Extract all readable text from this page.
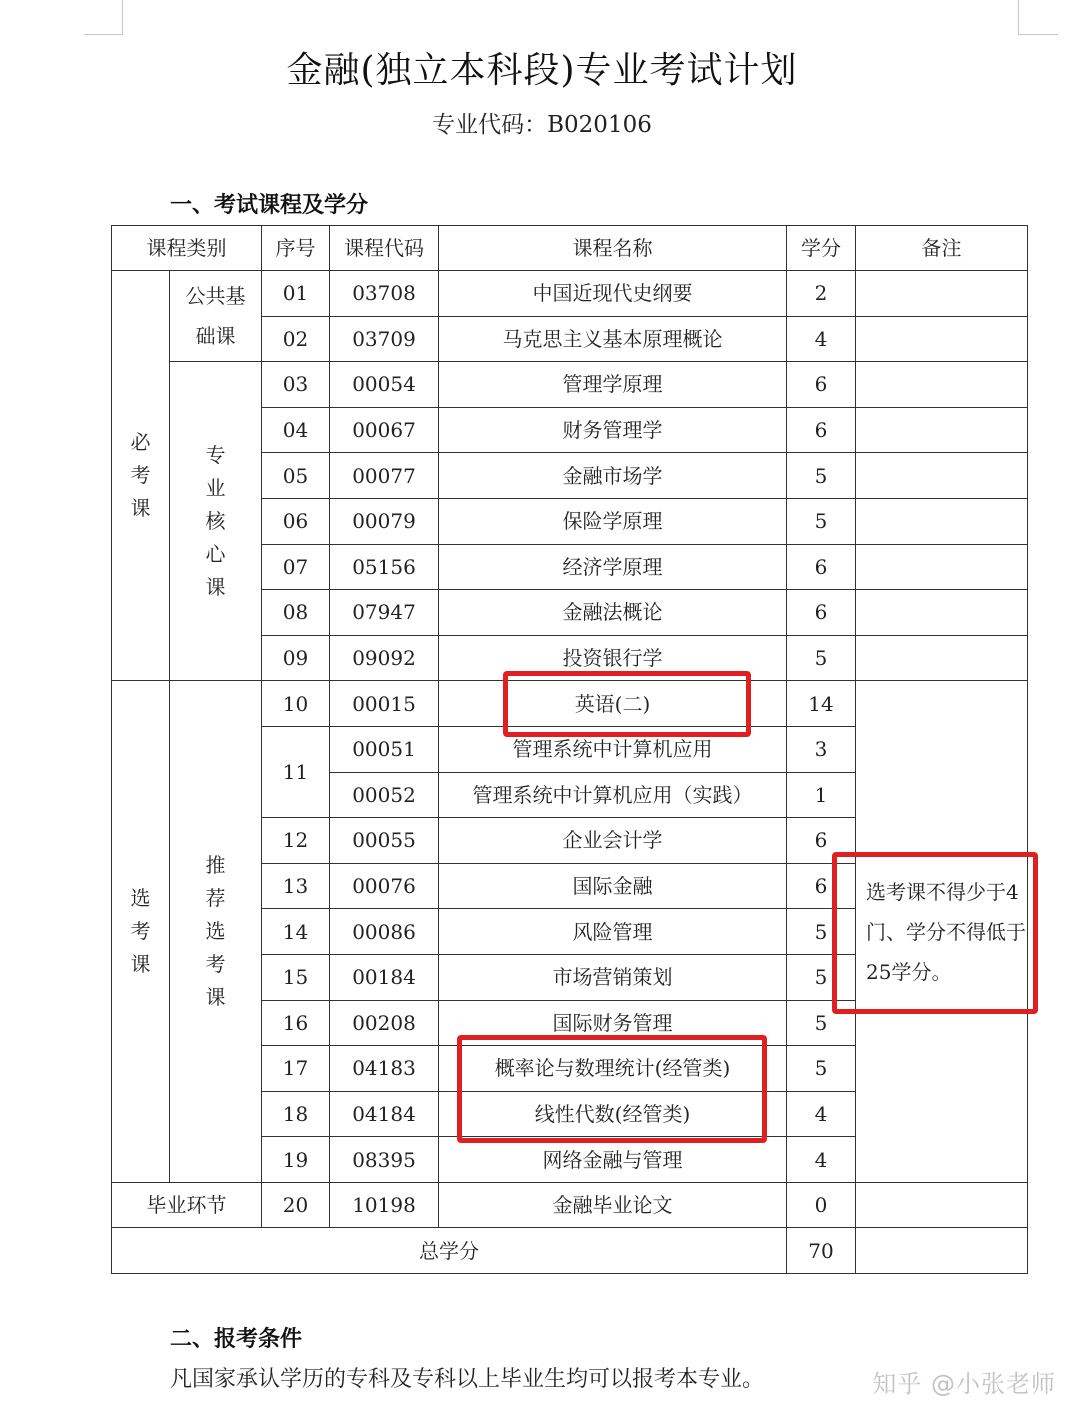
金融(独立本科段)专业考试计划
专业代码：B020106
一、考试课程及学分
课程类别		序号	课程代码	课程名称	学分	备注
必考课	公共基础课	01	03708	中国近现代史纲要	2	
		02	03709	马克思主义基本原理概论	4	
	专业核心课	03	00054	管理学原理	6	
		04	00067	财务管理学	6	
		05	00077	金融市场学	5	
		06	00079	保险学原理	5	
		07	05156	经济学原理	6	
		08	07947	金融法概论	6	
		09	09092	投资银行学	5	
选考课	推荐选考课	10	00015	英语(二)	14	选考课不得少于4门、学分不得低于25学分。
		11	00051	管理系统中计算机应用	3	
			00052	管理系统中计算机应用（实践）	1	
		12	00055	企业会计学	6	
		13	00076	国际金融	6	
		14	00086	风险管理	5	
		15	00184	市场营销策划	5	
		16	00208	国际财务管理	5	
		17	04183	概率论与数理统计(经管类)	5	
		18	04184	线性代数(经管类)	4	
		19	08395	网络金融与管理	4	
毕业环节		20	10198	金融毕业论文	0	
总学分					70	
二、报考条件
凡国家承认学历的专科及专科以上毕业生均可以报考本专业。	知乎 @小张老师
